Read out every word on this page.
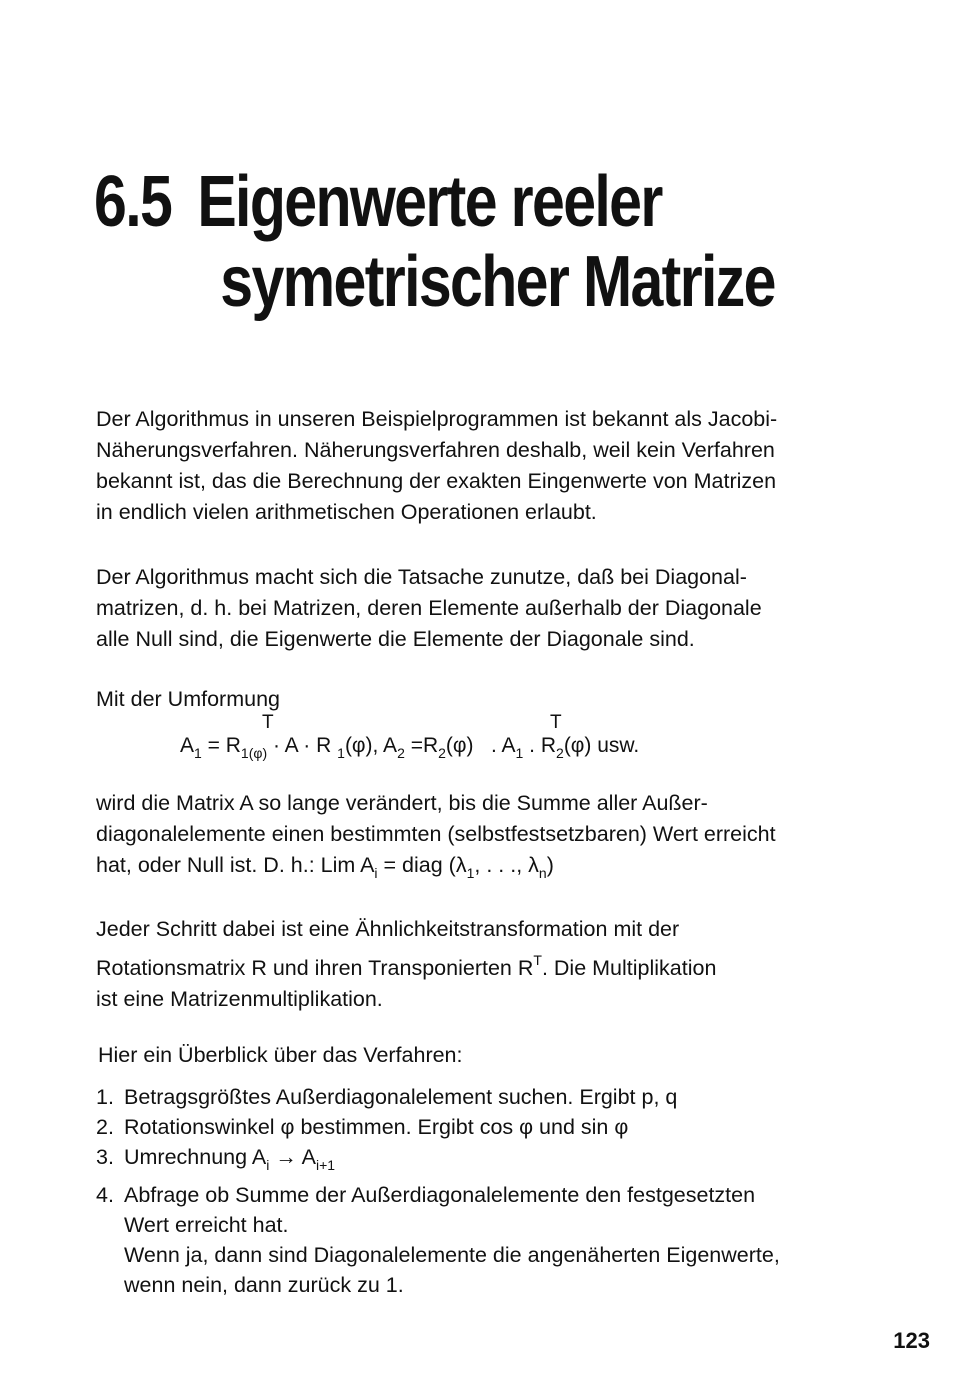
6.5 Eigenwerte reeler
symetrischer Matrize
Der Algorithmus in unseren Beispielprogrammen ist bekannt als Jacobi-
Näherungsverfahren. Näherungsverfahren deshalb, weil kein Verfahren
bekannt ist, das die Berechnung der exakten Eingenwerte von Matrizen
in endlich vielen arithmetischen Operationen erlaubt.
Der Algorithmus macht sich die Tatsache zunutze, daß bei Diagonal-
matrizen, d. h. bei Matrizen, deren Elemente außerhalb der Diagonale
alle Null sind, die Eigenwerte die Elemente der Diagonale sind.
Mit der Umformung
T	T
$A_1 = R_{1(\varphi)} \cdot A \cdot R$ $_1$(φ), $A_2 =R_2(\varphi)$   . $A_1$ . $R_2(\varphi)$ usw.
wird die Matrix A so lange verändert, bis die Summe aller Außer-
diagonalelemente einen bestimmten (selbstfestsetzbaren) Wert erreicht
hat, oder Null ist. D. h.: Lim $A_i$ = diag ($\lambda_1$, . . ., $\lambda_n$)
Jeder Schritt dabei ist eine Ähnlichkeitstransformation mit der
Rotationsmatrix R und ihren Transponierten $R^T$. Die Multiplikation
ist eine Matrizenmultiplikation.
Hier ein Überblick über das Verfahren:
1. Betragsgrößtes Außerdiagonalelement suchen. Ergibt p, q
2. Rotationswinkel φ bestimmen. Ergibt cos φ und sin φ
3. Umrechnung $A_i \to A_{i+1}$
4. Abfrage ob Summe der Außerdiagonalelemente den festgesetzten
Wert erreicht hat.
Wenn ja, dann sind Diagonalelemente die angenäherten Eigenwerte,
wenn nein, dann zurück zu 1.
123
